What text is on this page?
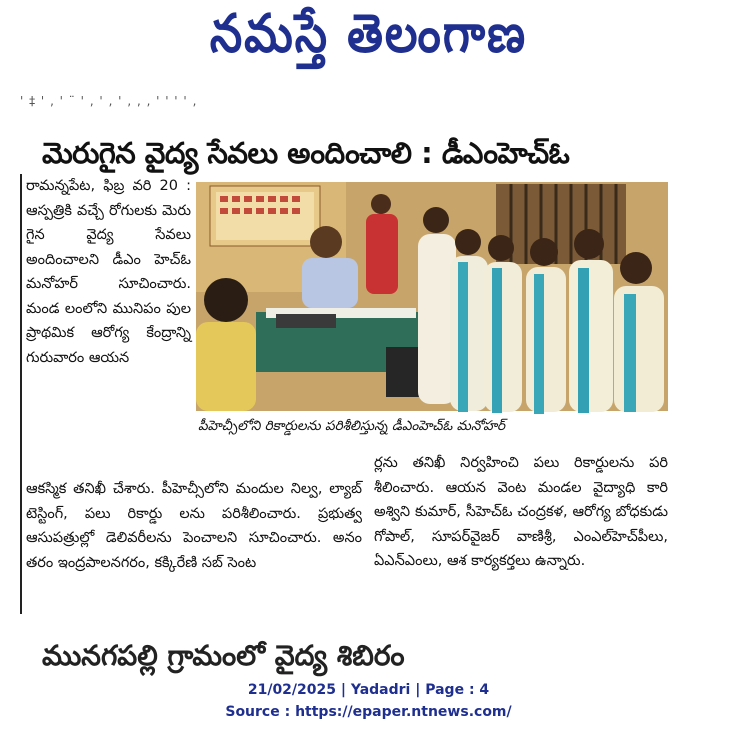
నమస్తే తెలంగాణ
' ‡ ' ‚ ' ¨ ' ‚ ' ‚ ' ‚ ‚ ‚ ' ' ' ' ‚
మెరుగైన వైద్య సేవలు అందించాలి : డీఎంహెచ్ఓ
రామన్నపేట, ఫిబ్ర వరి 20 : ఆస్పత్రికి వచ్చే రోగులకు మెరు గైన వైద్య సేవలు అందించాలని డీఎం హెచ్ఓ మనోహర్ సూచించారు. మండ లంలోని మునిపం పుల ప్రాథమిక ఆరోగ్య కేంద్రాన్ని గురువారం ఆయన
పీహెచ్సీలోని రికార్డులను పరిశీలిస్తున్న డీఎంహెచ్ఓ మనోహర్
ఆకస్మిక తనిఖీ చేశారు. పీహెచ్సీలోని మందుల నిల్వ, ల్యాబ్ టెస్టింగ్, పలు రికార్డు లను పరిశీలించారు. ప్రభుత్వ ఆసుపత్రుల్లో డెలివరీలను పెంచాలని సూచించారు. అనం తరం ఇంద్రపాలనగరం, కక్కిరేణి సబ్ సెంట
ర్లను తనిఖీ నిర్వహించి పలు రికార్డులను పరి శీలించారు. ఆయన వెంట మండల వైద్యాధి కారి అశ్విని కుమార్, సీహెచ్ఓ చంద్రకళ, ఆరోగ్య బోధకుడు గోపాల్, సూపర్‌వైజర్ వాణిశ్రీ, ఎంఎల్‌హెచ్‌పీలు, ఏఎన్ఎంలు, ఆశ కార్యకర్తలు ఉన్నారు.
మునగపల్లి గ్రామంలో వైద్య శిబిరం
21/02/2025 | Yadadri | Page : 4
Source : https://epaper.ntnews.com/
